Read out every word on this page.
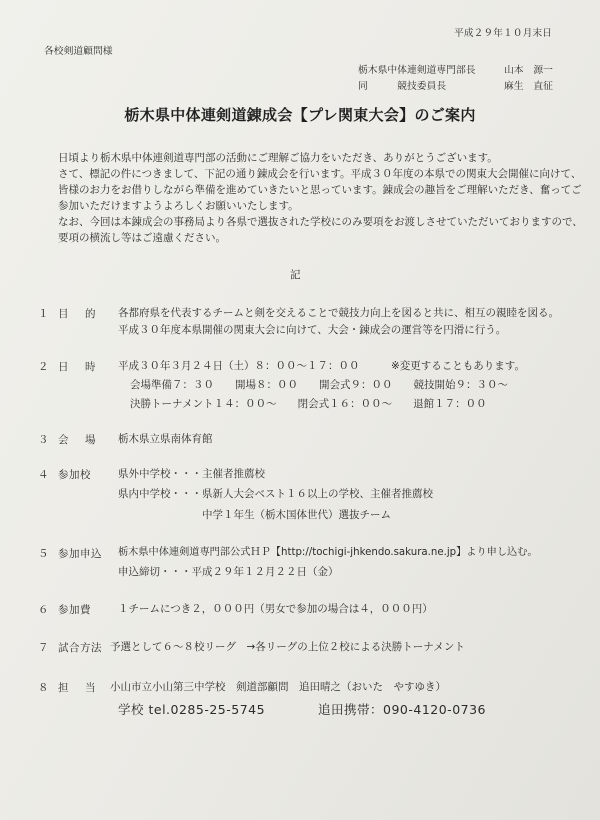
平成２９年１０月末日
各校剣道顧問様
栃木県中体連剣道専門部長	山本　源一
同　　　競技委員長	麻生　直征
栃木県中体連剣道錬成会【プレ関東大会】のご案内
日頃より栃木県中体連剣道専門部の活動にご理解ご協力をいただき、ありがとうございます。
さて、標記の件につきまして、下記の通り錬成会を行います。平成３０年度の本県での関東大会開催に向けて、
皆様のお力をお借りしながら準備を進めていきたいと思っています。錬成会の趣旨をご理解いただき、奮ってご
参加いただけますようよろしくお願いいたします。
なお、今回は本錬成会の事務局より各県で選抜された学校にのみ要項をお渡しさせていただいておりますので、
要項の横流し等はご遠慮ください。
記
１ 目　的 各都府県を代表するチームと剣を交えることで競技力向上を図ると共に、相互の親睦を図る。
平成３０年度本県開催の関東大会に向けて、大会・錬成会の運営等を円滑に行う。
２ 日　時 平成３０年３月２４日（土）８：００～１７：００　　　※変更することもあります。
会場準備７：３０　　開場８：００　　開会式９：００　　競技開始９：３０～
決勝トーナメント１４：００～　　閉会式１６：００～　　退館１７：００
３ 会　場 栃木県立県南体育館
４ 参加校	県外中学校・・・主催者推薦校
県内中学校・・・県新人大会ベスト１６以上の学校、主催者推薦校
中学１年生（栃木国体世代）選抜チーム
５ 参加申込 栃木県中体連剣道専門部公式ＨＰ【http://tochigi-jhkendo.sakura.ne.jp】より申し込む。
申込締切・・・平成２９年１２月２２日（金）
６ 参加費	１チームにつき２，０００円（男女で参加の場合は４，０００円）
７ 試合方法 予選として６～８校リーグ　→各リーグの上位２校による決勝トーナメント
８ 担　当 小山市立小山第三中学校　剣道部顧問　追田晴之（おいた　やすゆき）
学校 tel.0285-25-5745	追田携帯：090-4120-0736
